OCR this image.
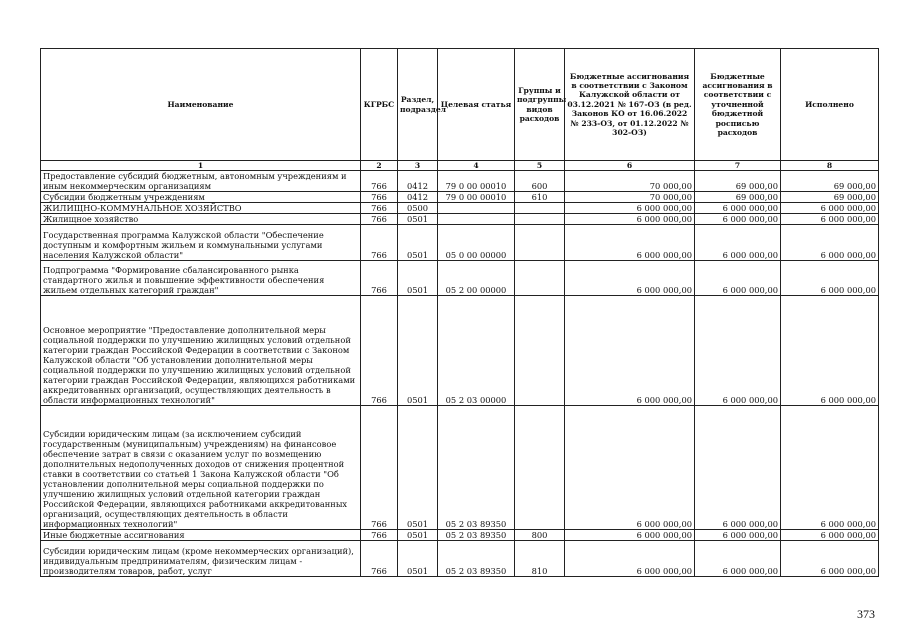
Наименование	КГРБС	Раздел, подраздел	Целевая статья	Группы и подгруппы видов расходов	Бюджетные ассигнования в соответствии с Законом Калужской области от 03.12.2021 № 167-ОЗ (в ред. Законов КО от 16.06.2022 № 233-ОЗ, от 01.12.2022 № 302-ОЗ)	Бюджетные ассигнования в соответствии с уточненной бюджетной росписью расходов	Исполнено
1	2	3	4	5	6	7	8
Предоставление субсидий бюджетным, автономным учреждениям и иным некоммерческим организациям	766	0412	79 0 00 00010	600	70 000,00	69 000,00	69 000,00
Субсидии бюджетным учреждениям	766	0412	79 0 00 00010	610	70 000,00	69 000,00	69 000,00
ЖИЛИЩНО-КОММУНАЛЬНОЕ ХОЗЯЙСТВО	766	0500			6 000 000,00	6 000 000,00	6 000 000,00
Жилищное хозяйство	766	0501			6 000 000,00	6 000 000,00	6 000 000,00
Государственная программа Калужской области "Обеспечение доступным и комфортным жильем и коммунальными услугами населения Калужской области"	766	0501	05 0 00 00000		6 000 000,00	6 000 000,00	6 000 000,00
Подпрограмма "Формирование сбалансированного рынка стандартного жилья и повышение эффективности обеспечения жильем отдельных категорий граждан"	766	0501	05 2 00 00000		6 000 000,00	6 000 000,00	6 000 000,00
Основное мероприятие "Предоставление дополнительной меры социальной поддержки по улучшению жилищных условий отдельной категории граждан Российской Федерации в соответствии с Законом Калужской области "Об установлении дополнительной меры социальной поддержки по улучшению жилищных условий отдельной категории граждан Российской Федерации, являющихся работниками аккредитованных организаций, осуществляющих деятельность в области информационных технологий"	766	0501	05 2 03 00000		6 000 000,00	6 000 000,00	6 000 000,00
Субсидии юридическим лицам (за исключением субсидий государственным (муниципальным) учреждениям) на финансовое обеспечение затрат в связи с оказанием услуг по возмещению дополнительных недополученных доходов от снижения процентной ставки в соответствии со статьей 1 Закона Калужской области "Об установлении дополнительной меры социальной поддержки по улучшению жилищных условий отдельной категории граждан Российской Федерации, являющихся работниками аккредитованных организаций, осуществляющих деятельность в области информационных технологий"	766	0501	05 2 03 89350		6 000 000,00	6 000 000,00	6 000 000,00
Иные бюджетные ассигнования	766	0501	05 2 03 89350	800	6 000 000,00	6 000 000,00	6 000 000,00
Субсидии юридическим лицам (кроме некоммерческих организаций), индивидуальным предпринимателям, физическим лицам - производителям товаров, работ, услуг	766	0501	05 2 03 89350	810	6 000 000,00	6 000 000,00	6 000 000,00
373
